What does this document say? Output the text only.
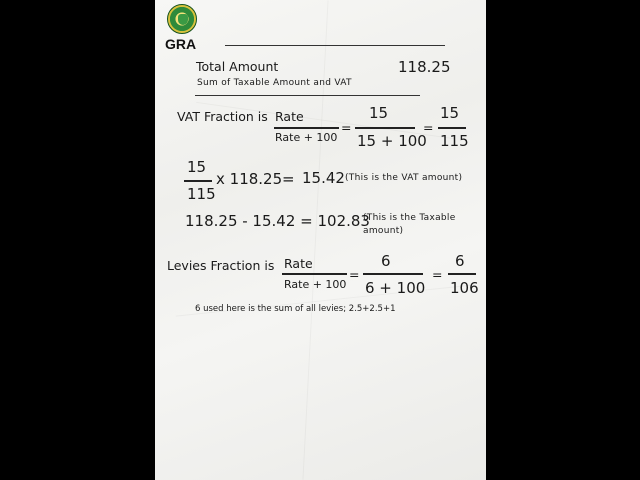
GRA
Total Amount	118.25
Sum of Taxable Amount and VAT
VAT Fraction is Rate
Rate + 100
=
15
15 + 100
=
15
115
15
115
x 118.25 = 15.42 (This is the VAT amount)
118.25 - 15.42 = 102.83
(This is the Taxable
amount)
Levies Fraction is Rate
Rate + 100
=
6
6 + 100
=
6
106
6 used here is the sum of all levies; 2.5+2.5+1
